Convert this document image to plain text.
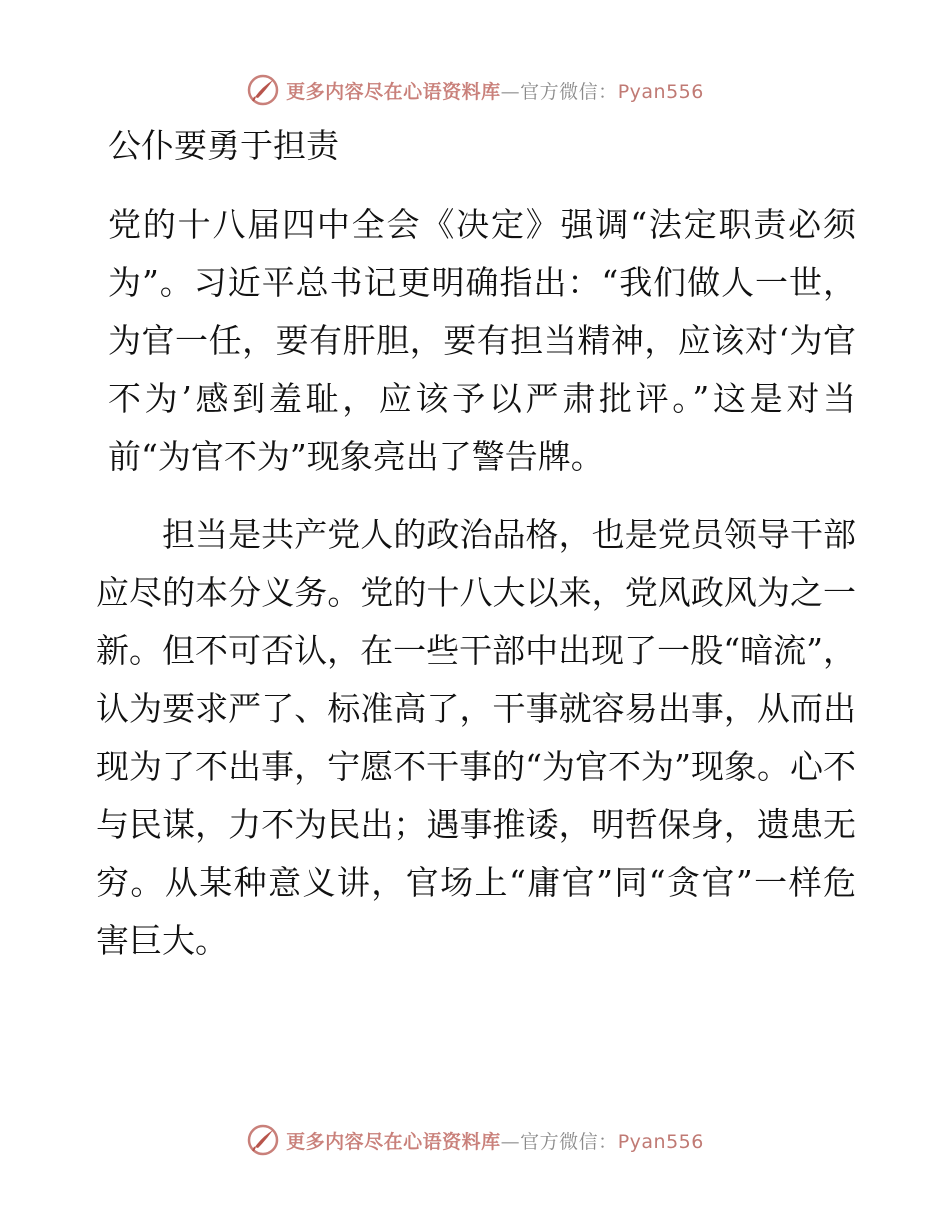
更多内容尽在心语资料库—官方微信：Pyan556
公仆要勇于担责

党的十八届四中全会《决定》强调“法定职责必须为”。习近平总书记更明确指出：“我们做人一世，为官一任，要有肝胆，要有担当精神，应该对‘为官不为’感到羞耻，应该予以严肃批评。”这是对当前“为官不为”现象亮出了警告牌。

担当是共产党人的政治品格，也是党员领导干部应尽的本分义务。党的十八大以来，党风政风为之一新。但不可否认，在一些干部中出现了一股“暗流”，认为要求严了、标准高了，干事就容易出事，从而出现为了不出事，宁愿不干事的“为官不为”现象。心不与民谋，力不为民出；遇事推诿，明哲保身，遗患无穷。从某种意义讲，官场上“庸官”同“贪官”一样危害巨大。

更多内容尽在心语资料库—官方微信：Pyan556
